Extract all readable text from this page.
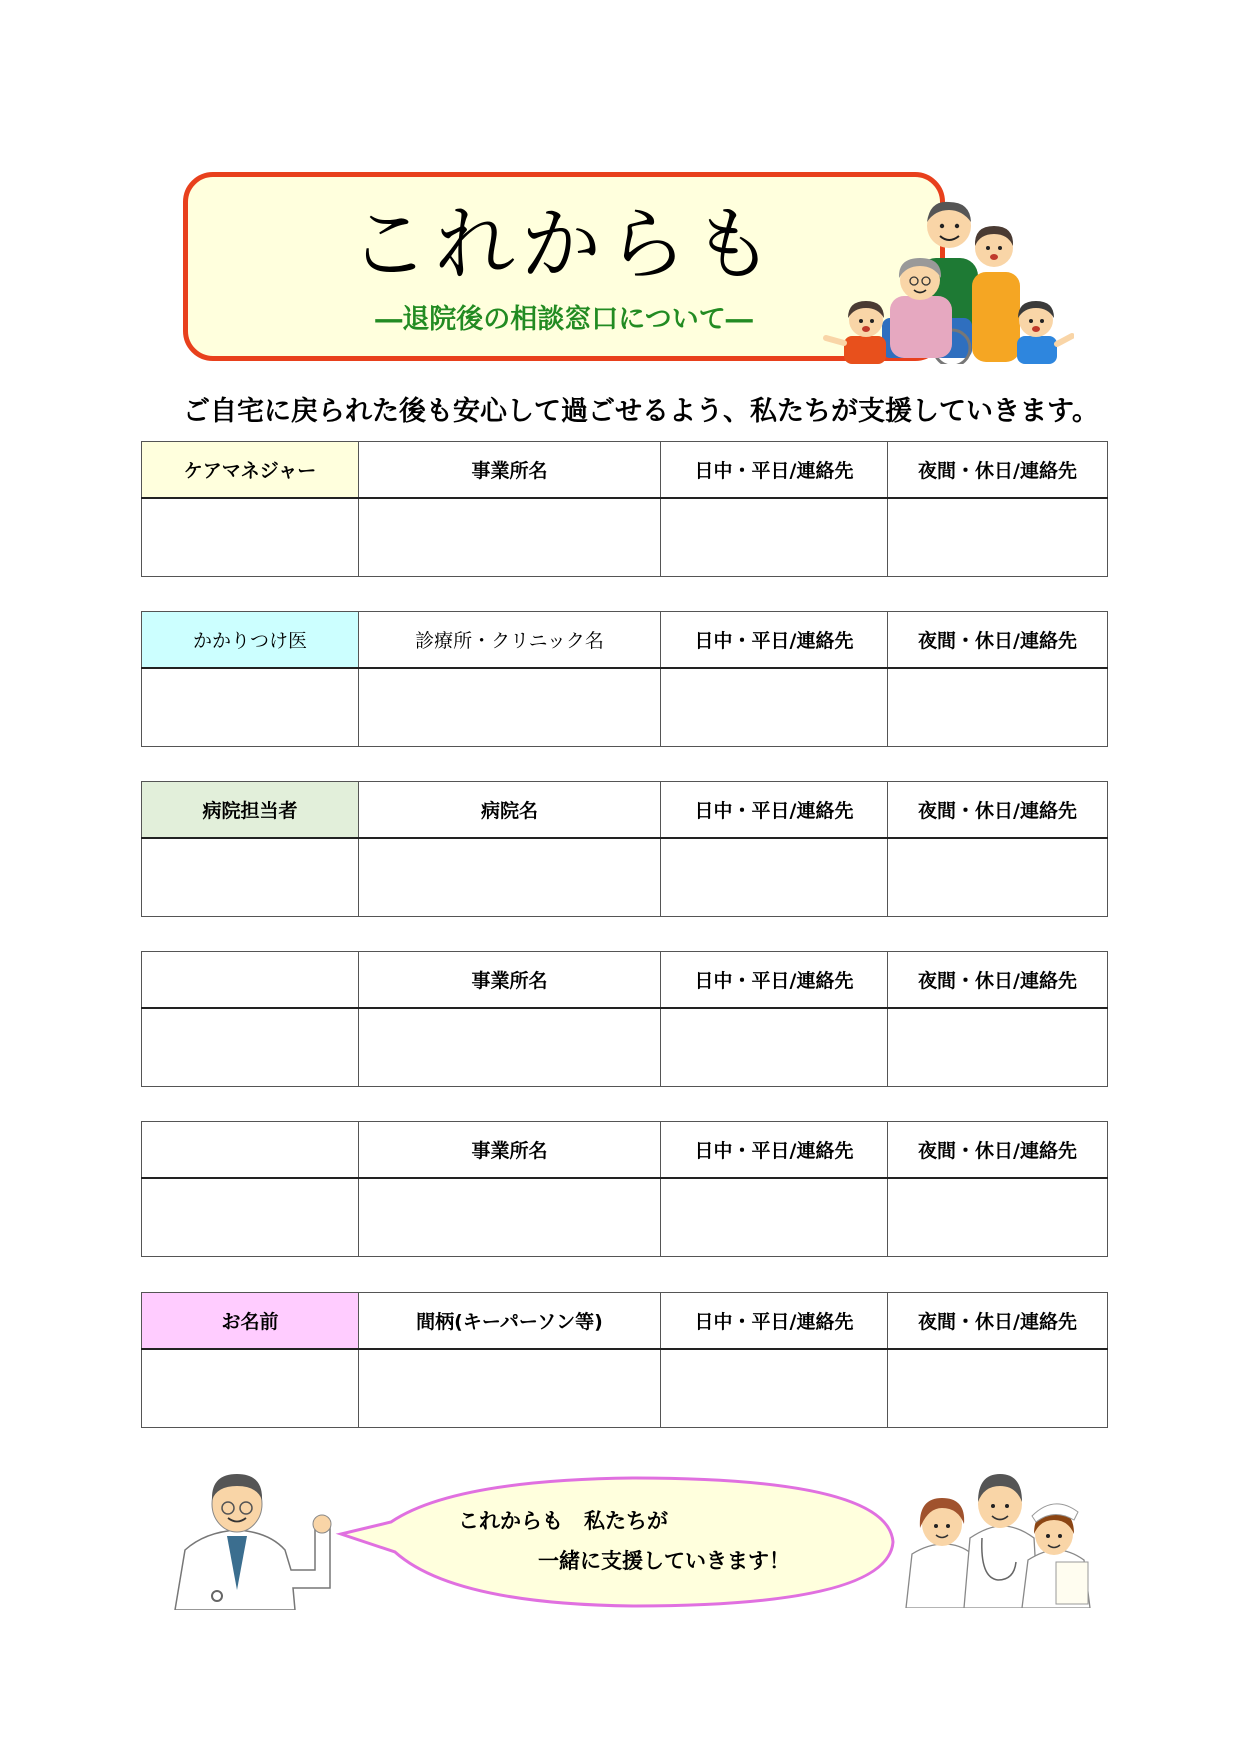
これからも
―退院後の相談窓口について―
ご自宅に戻られた後も安心して過ごせるよう、私たちが支援していきます。
ケアマネジャー	事業所名	日中・平日/連絡先	夜間・休日/連絡先

かかりつけ医	診療所・クリニック名	日中・平日/連絡先	夜間・休日/連絡先

病院担当者	病院名	日中・平日/連絡先	夜間・休日/連絡先

	事業所名	日中・平日/連絡先	夜間・休日/連絡先

	事業所名	日中・平日/連絡先	夜間・休日/連絡先

お名前	間柄(キーパーソン等)	日中・平日/連絡先	夜間・休日/連絡先

これからも　私たちが
一緒に支援していきます！
